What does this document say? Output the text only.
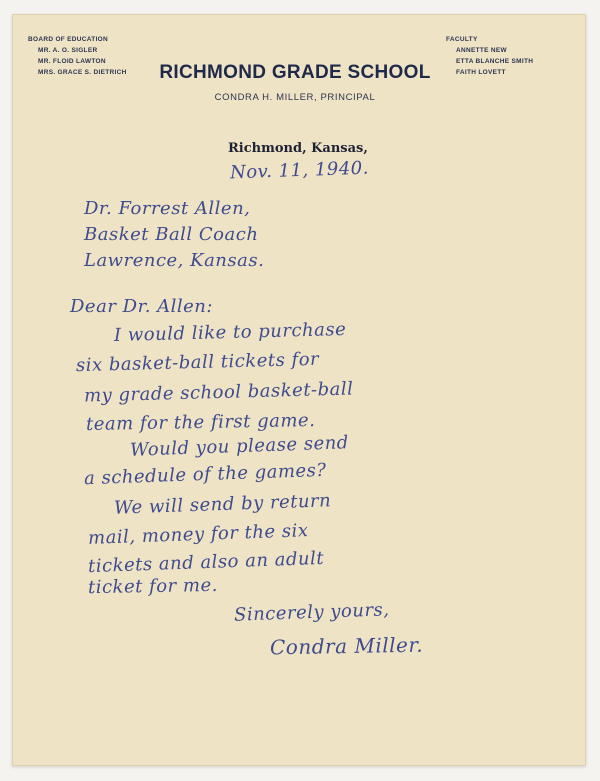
BOARD OF EDUCATION
MR. A. O. SIGLER
MR. FLOID LAWTON
MRS. GRACE S. DIETRICH	RICHMOND GRADE SCHOOL
CONDRA H. MILLER, PRINCIPAL
FACULTY
ANNETTE NEW
ETTA BLANCHE SMITH
FAITH LOVETT
Richmond, Kansas,
Nov. 11, 1940.
Dr. Forrest Allen,
Basket Ball Coach
Lawrence, Kansas.
Dear Dr. Allen:
I would like to purchase
six basket-ball tickets for
my grade school basket-ball
team for the first game.
Would you please send
a schedule of the games?
We will send by return
mail, money for the six
tickets and also an adult
ticket for me.
Sincerely yours,
Condra Miller.
